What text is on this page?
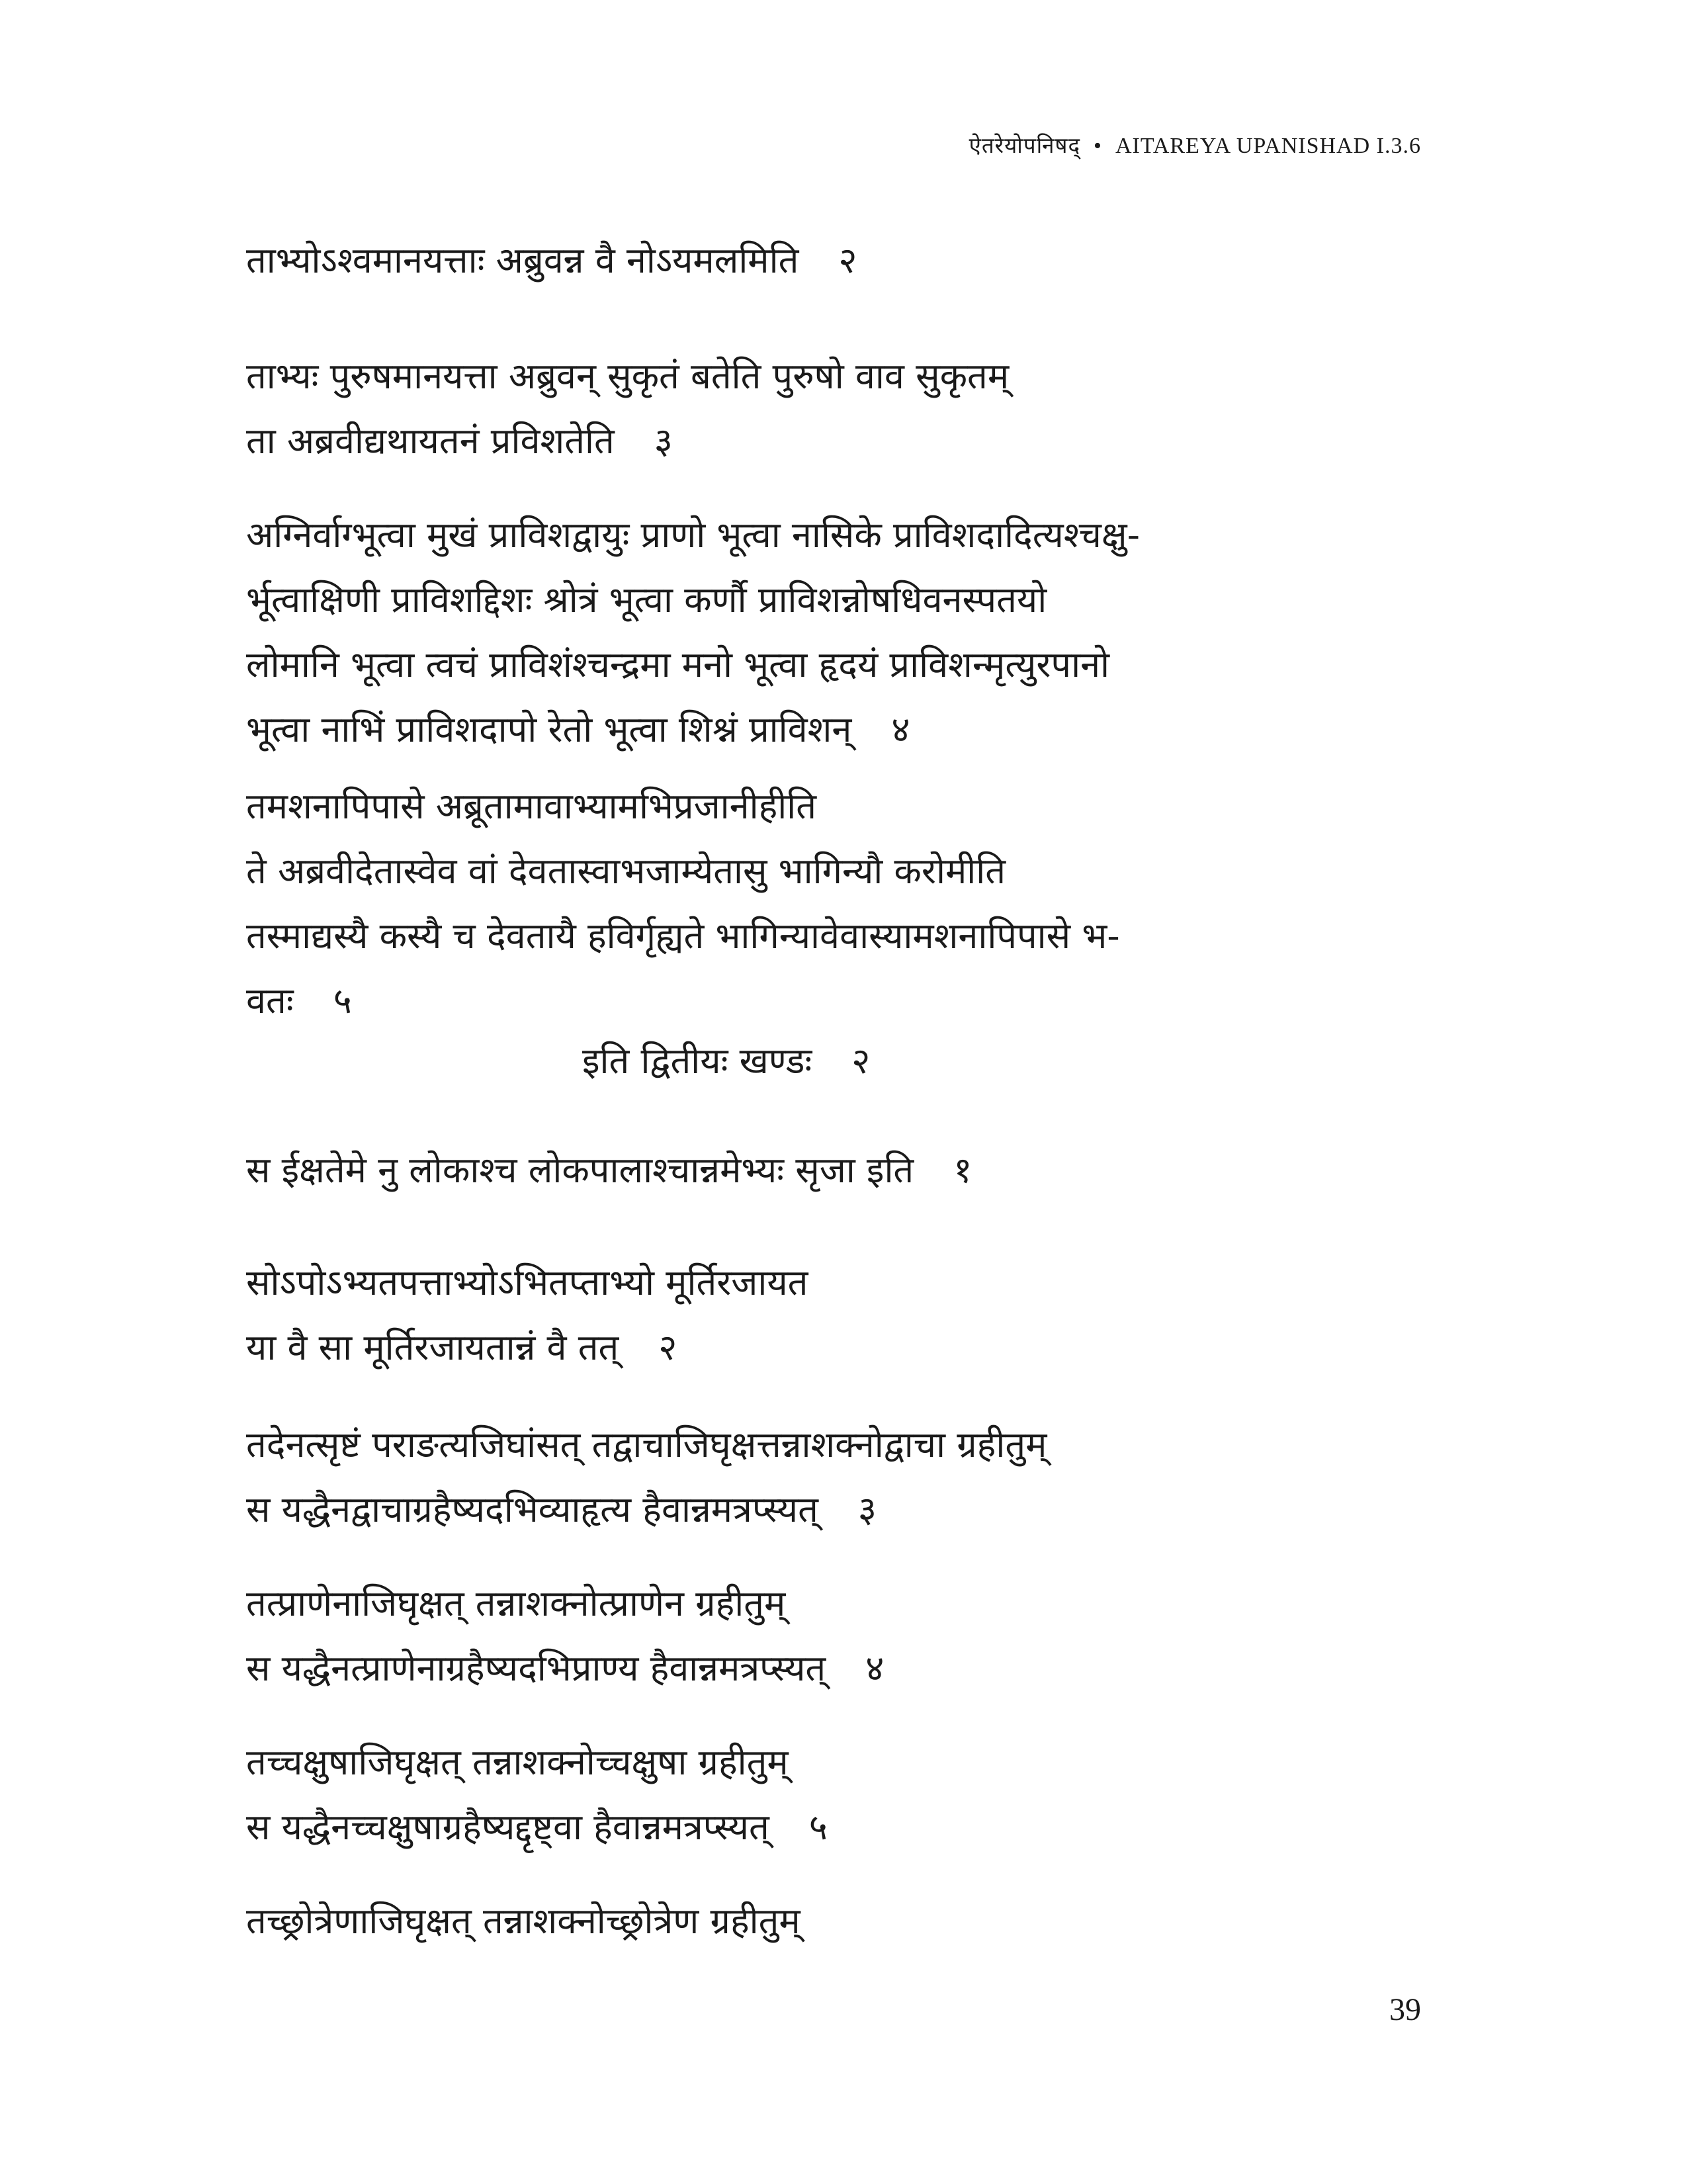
ऐतरेयोपनिषद् • AITAREYA UPANISHAD I.3.6
ताभ्योऽश्वमानयत्ताः अब्रुवन्न वै नोऽयमलमिति २
ताभ्यः पुरुषमानयत्ता अब्रुवन् सुकृतं बतेति पुरुषो वाव सुकृतम्
ता अब्रवीद्यथायतनं प्रविशतेति ३
अग्निर्वाग्भूत्वा मुखं प्राविशद्वायुः प्राणो भूत्वा नासिके प्राविशदादित्यश्चक्षु-
र्भूत्वाक्षिणी प्राविशद्दिशः श्रोत्रं भूत्वा कर्णौ प्राविशन्नोषधिवनस्पतयो
लोमानि भूत्वा त्वचं प्राविशंश्चन्द्रमा मनो भूत्वा हृदयं प्राविशन्मृत्युरपानो
भूत्वा नाभिं प्राविशदापो रेतो भूत्वा शिश्नं प्राविशन् ४
तमशनापिपासे अब्रूतामावाभ्यामभिप्रजानीहीति
ते अब्रवीदेतास्वेव वां देवतास्वाभजाम्येतासु भागिन्यौ करोमीति
तस्माद्यस्यै कस्यै च देवतायै हविर्गृह्यते भागिन्यावेवास्यामशनापिपासे भ-
वतः ५
इति द्वितीयः खण्डः २
स ईक्षतेमे नु लोकाश्च लोकपालाश्चान्नमेभ्यः सृजा इति १
सोऽपोऽभ्यतपत्ताभ्योऽभितप्ताभ्यो मूर्तिरजायत
या वै सा मूर्तिरजायतान्नं वै तत् २
तदेनत्सृष्टं पराङत्यजिघांसत् तद्वाचाजिघृक्षत्तन्नाशक्नोद्वाचा ग्रहीतुम्
स यद्धैनद्वाचाग्रहैष्यदभिव्याहृत्य हैवान्नमत्रप्स्यत् ३
तत्प्राणेनाजिघृक्षत् तन्नाशक्नोत्प्राणेन ग्रहीतुम्
स यद्धैनत्प्राणेनाग्रहैष्यदभिप्राण्य हैवान्नमत्रप्स्यत् ४
तच्चक्षुषाजिघृक्षत् तन्नाशक्नोच्चक्षुषा ग्रहीतुम्
स यद्धैनच्चक्षुषाग्रहैष्यद्दृष्ट्वा हैवान्नमत्रप्स्यत् ५
तच्छ्रोत्रेणाजिघृक्षत् तन्नाशक्नोच्छ्रोत्रेण ग्रहीतुम्
39
